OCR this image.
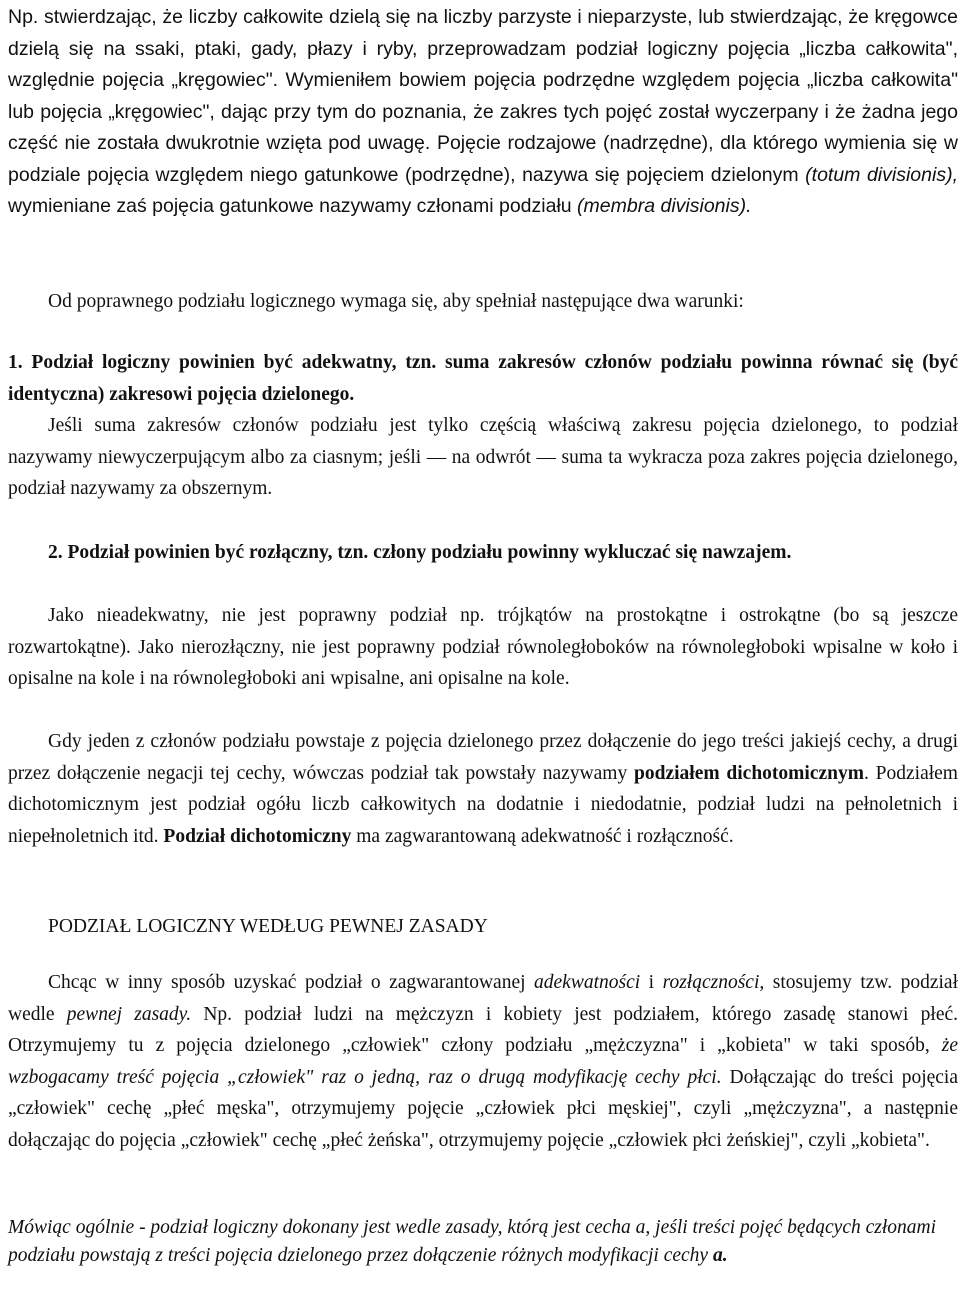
Np. stwierdzając, że liczby całkowite dzielą się na liczby parzyste i nieparzyste, lub stwierdzając, że kręgowce dzielą się na ssaki, ptaki, gady, płazy i ryby, przeprowadzam podział logiczny pojęcia „liczba całkowita", względnie pojęcia „kręgowiec". Wymieniłem bowiem pojęcia podrzędne względem pojęcia „liczba całkowita" lub pojęcia „kręgowiec", dając przy tym do poznania, że zakres tych pojęć został wyczerpany i że żadna jego część nie została dwukrotnie wzięta pod uwagę. Pojęcie rodzajowe (nadrzędne), dla którego wymienia się w podziale pojęcia względem niego gatunkowe (podrzędne), nazywa się pojęciem dzielonym (totum divisionis), wymieniane zaś pojęcia gatunkowe nazywamy członami podziału (membra divisionis).

Od poprawnego podziału logicznego wymaga się, aby spełniał następujące dwa warunki:

1. Podział logiczny powinien być adekwatny, tzn. suma zakresów członów podziału powinna równać się (być identyczna) zakresowi pojęcia dzielonego.

Jeśli suma zakresów członów podziału jest tylko częścią właściwą zakresu pojęcia dzielonego, to podział nazywamy niewyczerpującym albo za ciasnym; jeśli — na odwrót — suma ta wykracza poza zakres pojęcia dzielonego, podział nazywamy za obszernym.

2. Podział powinien być rozłączny, tzn. człony podziału powinny wykluczać się nawzajem.

Jako nieadekwatny, nie jest poprawny podział np. trójkątów na prostokątne i ostrokątne (bo są jeszcze rozwartokątne). Jako nierozłączny, nie jest poprawny podział równoległoboków na równoległoboki wpisalne w koło i opisalne na kole i na równoległoboki ani wpisalne, ani opisalne na kole.

Gdy jeden z członów podziału powstaje z pojęcia dzielonego przez dołączenie do jego treści jakiejś cechy, a drugi przez dołączenie negacji tej cechy, wówczas podział tak powstały nazywamy podziałem dichotomicznym. Podziałem dichotomicznym jest podział ogółu liczb całkowitych na dodatnie i niedodatnie, podział ludzi na pełnoletnich i niepełnoletnich itd. Podział dichotomiczny ma zagwarantowaną adekwatność i rozłączność.

PODZIAŁ LOGICZNY WEDŁUG PEWNEJ ZASADY

Chcąc w inny sposób uzyskać podział o zagwarantowanej adekwatności i rozłączności, stosujemy tzw. podział wedle pewnej zasady. Np. podział ludzi na mężczyzn i kobiety jest podziałem, którego zasadę stanowi płeć. Otrzymujemy tu z pojęcia dzielonego „człowiek" człony podziału „mężczyzna" i „kobieta" w taki sposób, że wzbogacamy treść pojęcia „człowiek" raz o jedną, raz o drugą modyfikację cechy płci. Dołączając do treści pojęcia „człowiek" cechę „płeć męska", otrzymujemy pojęcie „człowiek płci męskiej", czyli „mężczyzna", a następnie dołączając do pojęcia „człowiek" cechę „płeć żeńska", otrzymujemy pojęcie „człowiek płci żeńskiej", czyli „kobieta".

Mówiąc ogólnie - podział logiczny dokonany jest wedle zasady, którą jest cecha a, jeśli treści pojęć będących członami podziału powstają z treści pojęcia dzielonego przez dołączenie różnych modyfikacji cechy a.
